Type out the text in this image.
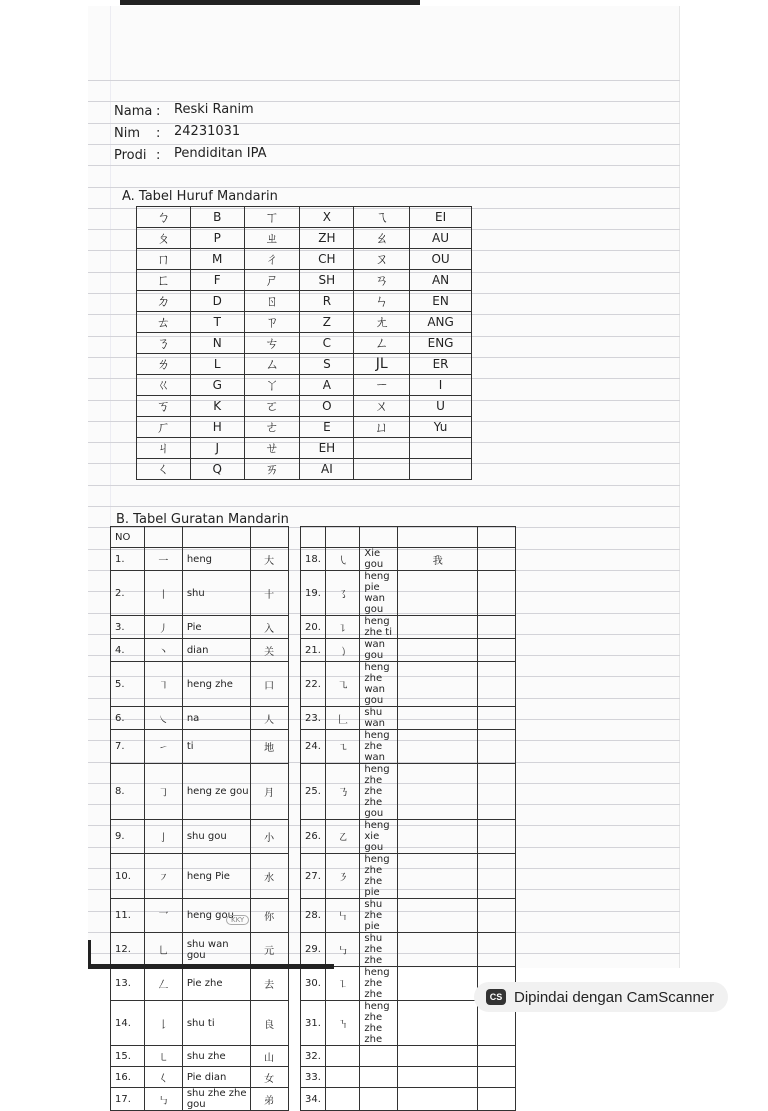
Nama : Reski Ranim
Nim : 24231031
Prodi : Pendiditan IPA
A. Tabel Huruf Mandarin
ㄅ	B	ㄒ	X	ㄟ	EI
ㄆ	P	ㄓ	ZH	ㄠ	AU
ㄇ	M	ㄔ	CH	ㄡ	OU
ㄈ	F	ㄕ	SH	ㄢ	AN
ㄉ	D	ㄖ	R	ㄣ	EN
ㄊ	T	ㄗ	Z	ㄤ	ANG
ㄋ	N	ㄘ	C	ㄥ	ENG
ㄌ	L	ㄙ	S	JL	ER
ㄍ	G	ㄚ	A	ㄧ	I
ㄎ	K	ㄛ	O	ㄨ	U
ㄏ	H	ㄜ	E	ㄩ	Yu
ㄐ	J	ㄝ	EH		
ㄑ	Q	ㄞ	AI		
B. Tabel Guratan Mandarin
NO									
1.	一	heng	大		18.	㇂	Xie gou	我	
2.	丨	shu	十		19.	㇌	heng pie wan gou		
3.	丿	Pie	入		20.	㇊	heng zhe ti		
4.	丶	dian	关		21.	㇁	wan gou		
5.	㇕	heng zhe	口		22.	㇈	heng zhe wan gou		
6.	㇏	na	人		23.	𠃊	shu wan		
7.	㇀	ti	地		24.	㇍	heng zhe wan		
8.	㇆	heng ze gou	月		25.	㇡	heng zhe zhe zhe gou		
9.	亅	shu gou	小		26.	㇠	heng xie gou		
10.	㇇	heng Pie	水		27.	㇋	heng zhe zhe pie		
11.	乛	heng gou	你		28.	㇞	shu zhe pie		
12.	乚	shu wan gou	元		29.	㇉	shu zhe zhe		
13.	𠃋	Pie zhe	去		30.	㇅	heng zhe zhe		
14.	𠄌	shu ti	良		31.	㇎	heng zhe zhe zhe		
15.	㇄	shu zhe	山		32.				
16.	𡿨	Pie dian	女		33.				
17.	㇉	shu zhe zhe gou	弟		34.				
KKY
CS Dipindai dengan CamScanner
